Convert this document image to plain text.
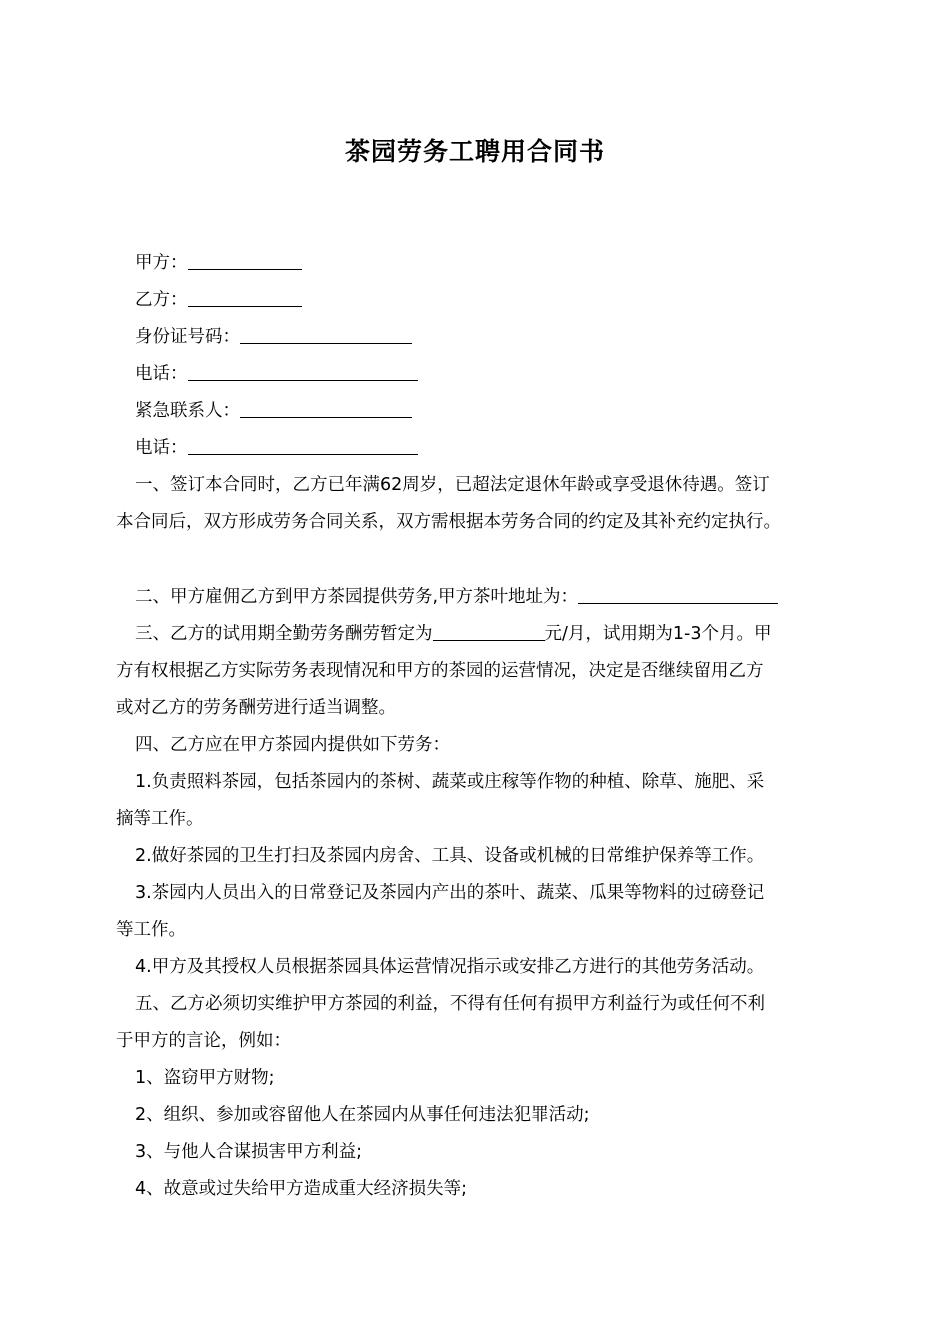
茶园劳务工聘用合同书
甲方：
乙方：
身份证号码：
电话：
紧急联系人：
电话：
一、签订本合同时，乙方已年满62周岁，已超法定退休年龄或享受退休待遇。签订
本合同后，双方形成劳务合同关系，双方需根据本劳务合同的约定及其补充约定执行。
二、甲方雇佣乙方到甲方茶园提供劳务,甲方茶叶地址为：
三、乙方的试用期全勤劳务酬劳暂定为	元/月，试用期为1-3个月。甲
方有权根据乙方实际劳务表现情况和甲方的茶园的运营情况，决定是否继续留用乙方
或对乙方的劳务酬劳进行适当调整。
四、乙方应在甲方茶园内提供如下劳务：
1.负责照料茶园，包括茶园内的茶树、蔬菜或庄稼等作物的种植、除草、施肥、采
摘等工作。
2.做好茶园的卫生打扫及茶园内房舍、工具、设备或机械的日常维护保养等工作。
3.茶园内人员出入的日常登记及茶园内产出的茶叶、蔬菜、瓜果等物料的过磅登记
等工作。
4.甲方及其授权人员根据茶园具体运营情况指示或安排乙方进行的其他劳务活动。
五、乙方必须切实维护甲方茶园的利益，不得有任何有损甲方利益行为或任何不利
于甲方的言论，例如：
1、盗窃甲方财物;
2、组织、参加或容留他人在茶园内从事任何违法犯罪活动;
3、与他人合谋损害甲方利益;
4、故意或过失给甲方造成重大经济损失等;
